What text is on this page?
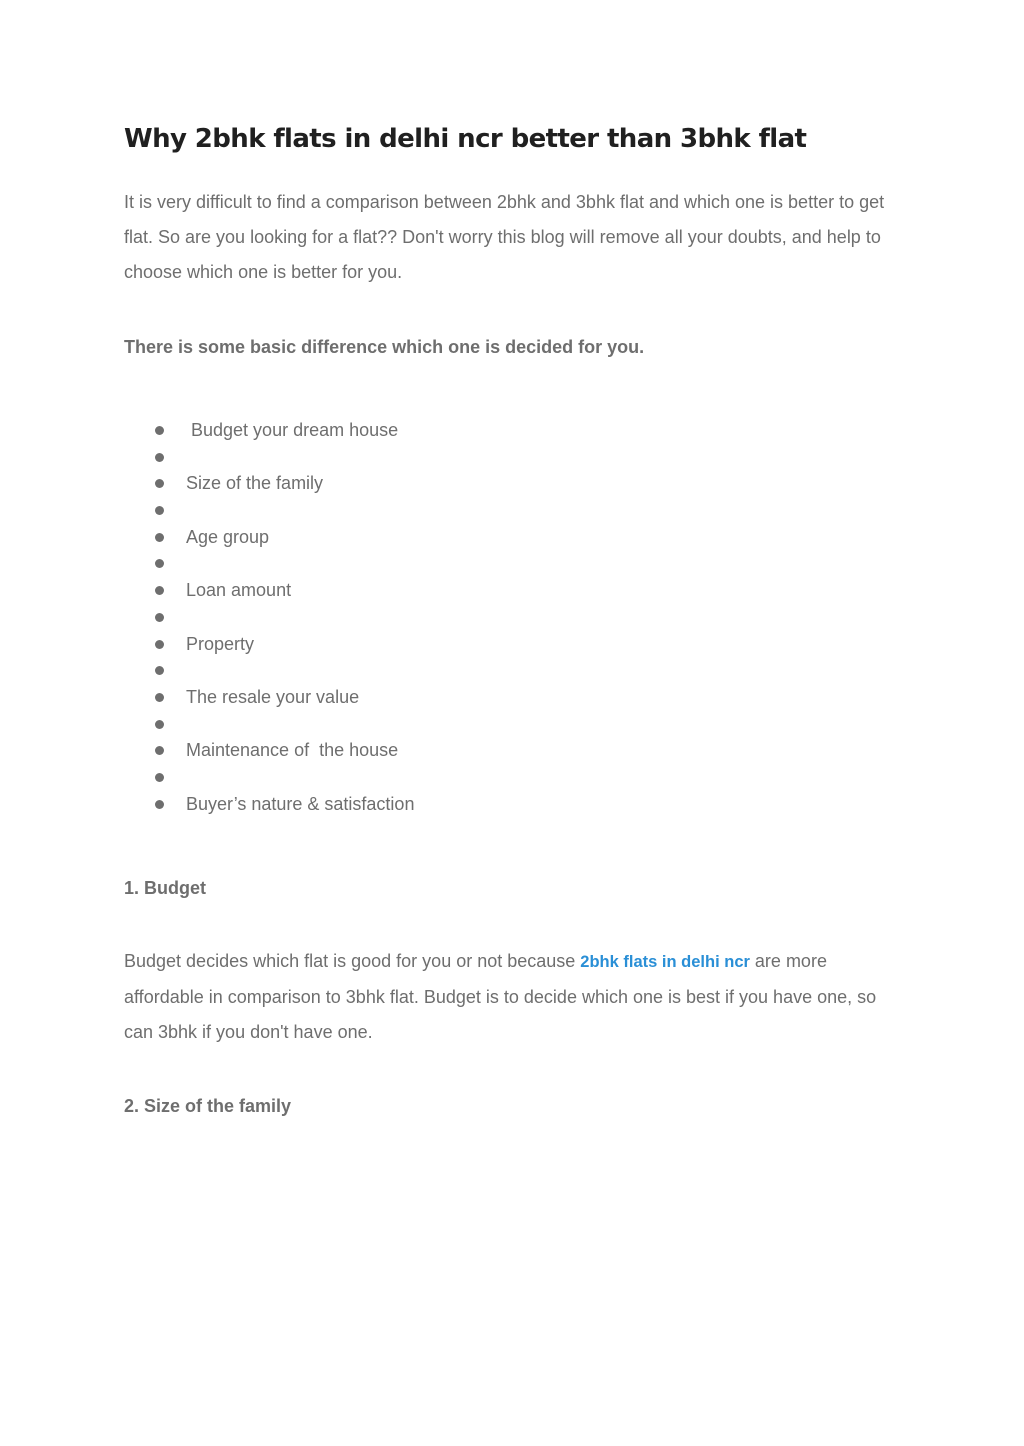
Why 2bhk flats in delhi ncr better than 3bhk flat

It is very difficult to find a comparison between 2bhk and 3bhk flat and which one is better to get flat. So are you looking for a flat?? Don't worry this blog will remove all your doubts, and help to choose which one is better for you.

There is some basic difference which one is decided for you.

Budget your dream house
Size of the family
Age group
Loan amount
Property
The resale your value
Maintenance of  the house
Buyer’s nature & satisfaction

1. Budget

Budget decides which flat is good for you or not because 2bhk flats in delhi ncr are more affordable in comparison to 3bhk flat. Budget is to decide which one is best if you have one, so can 3bhk if you don't have one.

2. Size of the family
